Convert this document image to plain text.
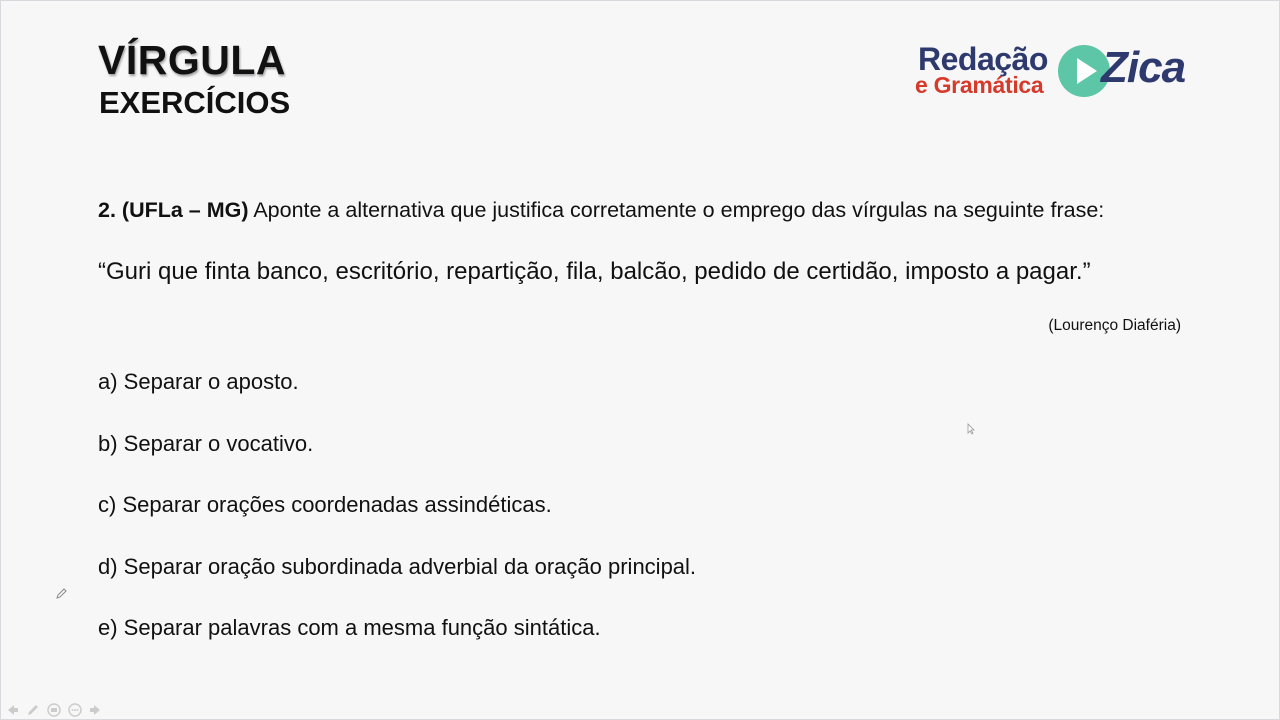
VÍRGULA
EXERCÍCIOS
Redação
e Gramática Zica

2. (UFLa – MG) Aponte a alternativa que justifica corretamente o emprego das vírgulas na seguinte frase:

“Guri que finta banco, escritório, repartição, fila, balcão, pedido de certidão, imposto a pagar.”

(Lourenço Diaféria)

a) Separar o aposto.
b) Separar o vocativo.
c) Separar orações coordenadas assindéticas.
d) Separar oração subordinada adverbial da oração principal.
e) Separar palavras com a mesma função sintática.
